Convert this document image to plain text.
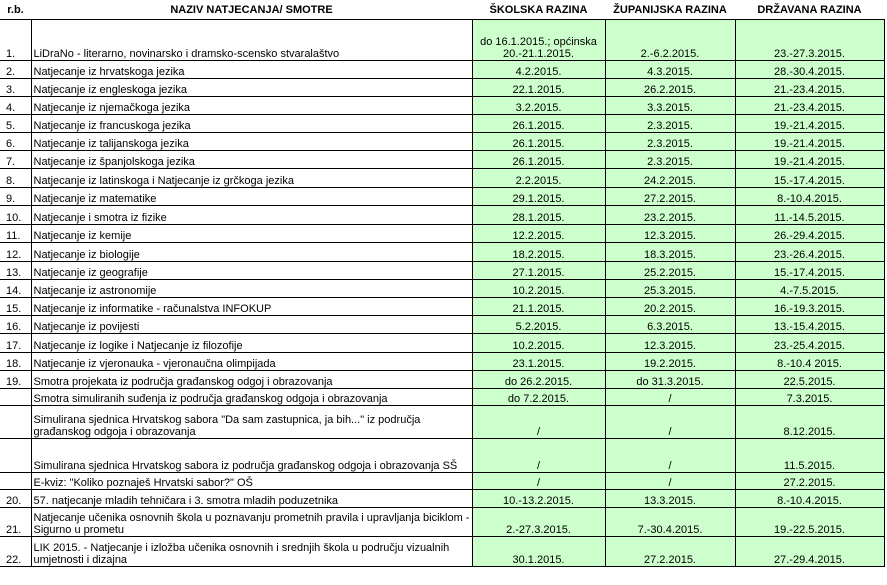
r.b.	NAZIV NATJECANJA/ SMOTRE	ŠKOLSKA RAZINA	ŽUPANIJSKA RAZINA	DRŽAVANA RAZINA
1.	LiDraNo - literarno, novinarsko i dramsko-scensko stvaralaštvo	do 16.1.2015.; općinska 20.-21.1.2015.	2.-6.2.2015.	23.-27.3.2015.
2.	Natjecanje iz hrvatskoga jezika	4.2.2015.	4.3.2015.	28.-30.4.2015.
3.	Natjecanje iz engleskoga jezika	22.1.2015.	26.2.2015.	21.-23.4.2015.
4.	Natjecanje iz njemačkoga jezika	3.2.2015.	3.3.2015.	21.-23.4.2015.
5.	Natjecanje iz francuskoga jezika	26.1.2015.	2.3.2015.	19.-21.4.2015.
6.	Natjecanje iz talijanskoga jezika	26.1.2015.	2.3.2015.	19.-21.4.2015.
7.	Natjecanje iz španjolskoga jezika	26.1.2015.	2.3.2015.	19.-21.4.2015.
8.	Natjecanje iz latinskoga i Natjecanje iz grčkoga jezika	2.2.2015.	24.2.2015.	15.-17.4.2015.
9.	Natjecanje iz matematike	29.1.2015.	27.2.2015.	8.-10.4.2015.
10.	Natjecanje i smotra iz fizike	28.1.2015.	23.2.2015.	11.-14.5.2015.
11.	Natjecanje iz kemije	12.2.2015.	12.3.2015.	26.-29.4.2015.
12.	Natjecanje iz biologije	18.2.2015.	18.3.2015.	23.-26.4.2015.
13.	Natjecanje iz geografije	27.1.2015.	25.2.2015.	15.-17.4.2015.
14.	Natjecanje iz astronomije	10.2.2015.	25.3.2015.	4.-7.5.2015.
15.	Natjecanje iz informatike - računalstva INFOKUP	21.1.2015.	20.2.2015.	16.-19.3.2015.
16.	Natjecanje iz povijesti	5.2.2015.	6.3.2015.	13.-15.4.2015.
17.	Natjecanje iz logike i Natjecanje iz filozofije	10.2.2015.	12.3.2015.	23.-25.4.2015.
18.	Natjecanje iz vjeronauka - vjeronaučna olimpijada	23.1.2015.	19.2.2015.	8.-10.4 2015.
19.	Smotra projekata iz područja građanskog odgoj i obrazovanja	do 26.2.2015.	do 31.3.2015.	22.5.2015.
	Smotra simuliranih suđenja iz područja građanskog odgoja i obrazovanja	do 7.2.2015.	/	7.3.2015.
	Simulirana sjednica Hrvatskog sabora "Da sam zastupnica, ja bih..." iz područja građanskog odgoja i obrazovanja	/	/	8.12.2015.
	Simulirana sjednica Hrvatskog sabora iz područja građanskog odgoja i obrazovanja SŠ	/	/	11.5.2015.
	E-kviz: "Koliko poznaješ Hrvatski sabor?" OŠ	/	/	27.2.2015.
20.	57. natjecanje mladih tehničara i 3. smotra mladih poduzetnika	10.-13.2.2015.	13.3.2015.	8.-10.4.2015.
21.	Natjecanje učenika osnovnih škola u poznavanju prometnih pravila i upravljanja biciklom - Sigurno u prometu	2.-27.3.2015.	7.-30.4.2015.	19.-22.5.2015.
22.	LIK 2015. - Natjecanje i izložba učenika osnovnih i srednjih škola u području vizualnih umjetnosti i dizajna	30.1.2015.	27.2.2015.	27.-29.4.2015.
